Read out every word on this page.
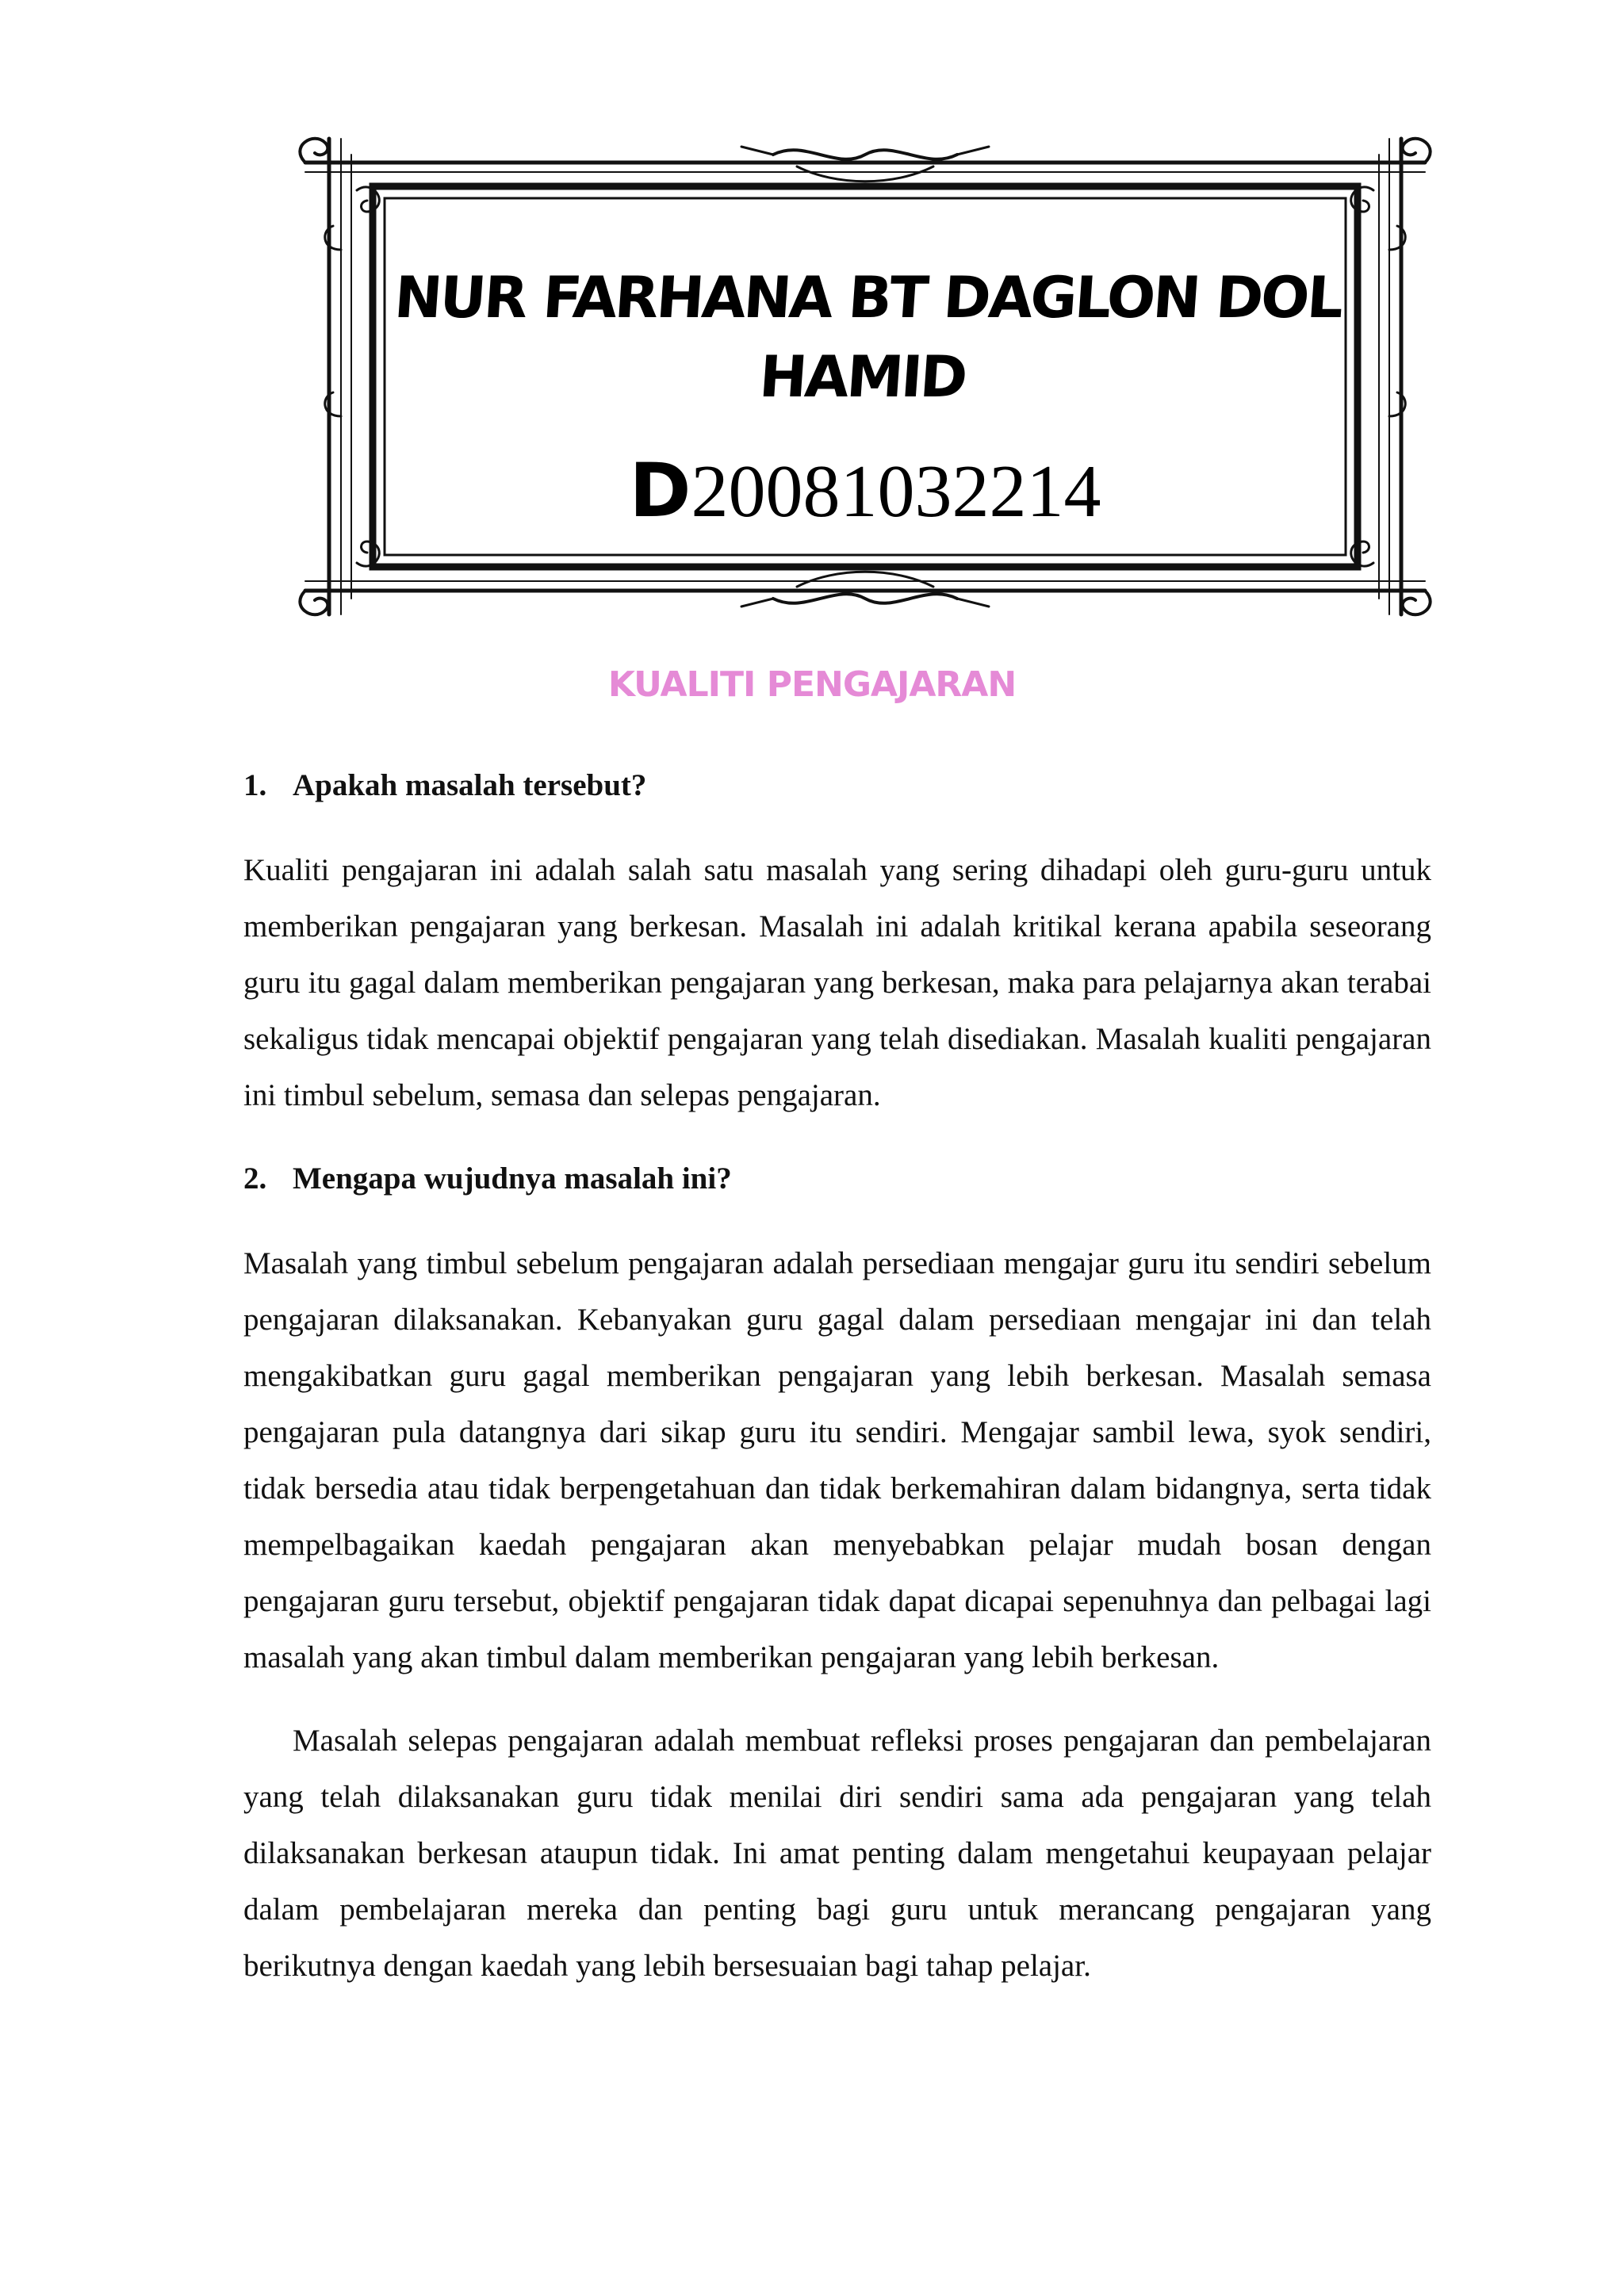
NUR FARHANA BT DAGLON DOL HAMID
D20081032214
KUALITI PENGAJARAN
1. Apakah masalah tersebut?

Kualiti pengajaran ini adalah salah satu masalah yang sering dihadapi oleh guru-guru untuk memberikan pengajaran yang berkesan. Masalah ini adalah kritikal kerana apabila seseorang guru itu gagal dalam memberikan pengajaran yang berkesan, maka para pelajarnya akan terabai sekaligus tidak mencapai objektif pengajaran yang telah disediakan. Masalah kualiti pengajaran ini timbul sebelum, semasa dan selepas pengajaran.

2. Mengapa wujudnya masalah ini?

Masalah yang timbul sebelum pengajaran adalah persediaan mengajar guru itu sendiri sebelum pengajaran dilaksanakan. Kebanyakan guru gagal dalam persediaan mengajar ini dan telah mengakibatkan guru gagal memberikan pengajaran yang lebih berkesan. Masalah semasa pengajaran pula datangnya dari sikap guru itu sendiri. Mengajar sambil lewa, syok sendiri, tidak bersedia atau tidak berpengetahuan dan tidak berkemahiran dalam bidangnya, serta tidak mempelbagaikan kaedah pengajaran akan menyebabkan pelajar mudah bosan dengan pengajaran guru tersebut, objektif pengajaran tidak dapat dicapai sepenuhnya dan pelbagai lagi masalah yang akan timbul dalam memberikan pengajaran yang lebih berkesan.

Masalah selepas pengajaran adalah membuat refleksi proses pengajaran dan pembelajaran yang telah dilaksanakan guru tidak menilai diri sendiri sama ada pengajaran yang telah dilaksanakan berkesan ataupun tidak. Ini amat penting dalam mengetahui keupayaan pelajar dalam pembelajaran mereka dan penting bagi guru untuk merancang pengajaran yang berikutnya dengan kaedah yang lebih bersesuaian bagi tahap pelajar.
